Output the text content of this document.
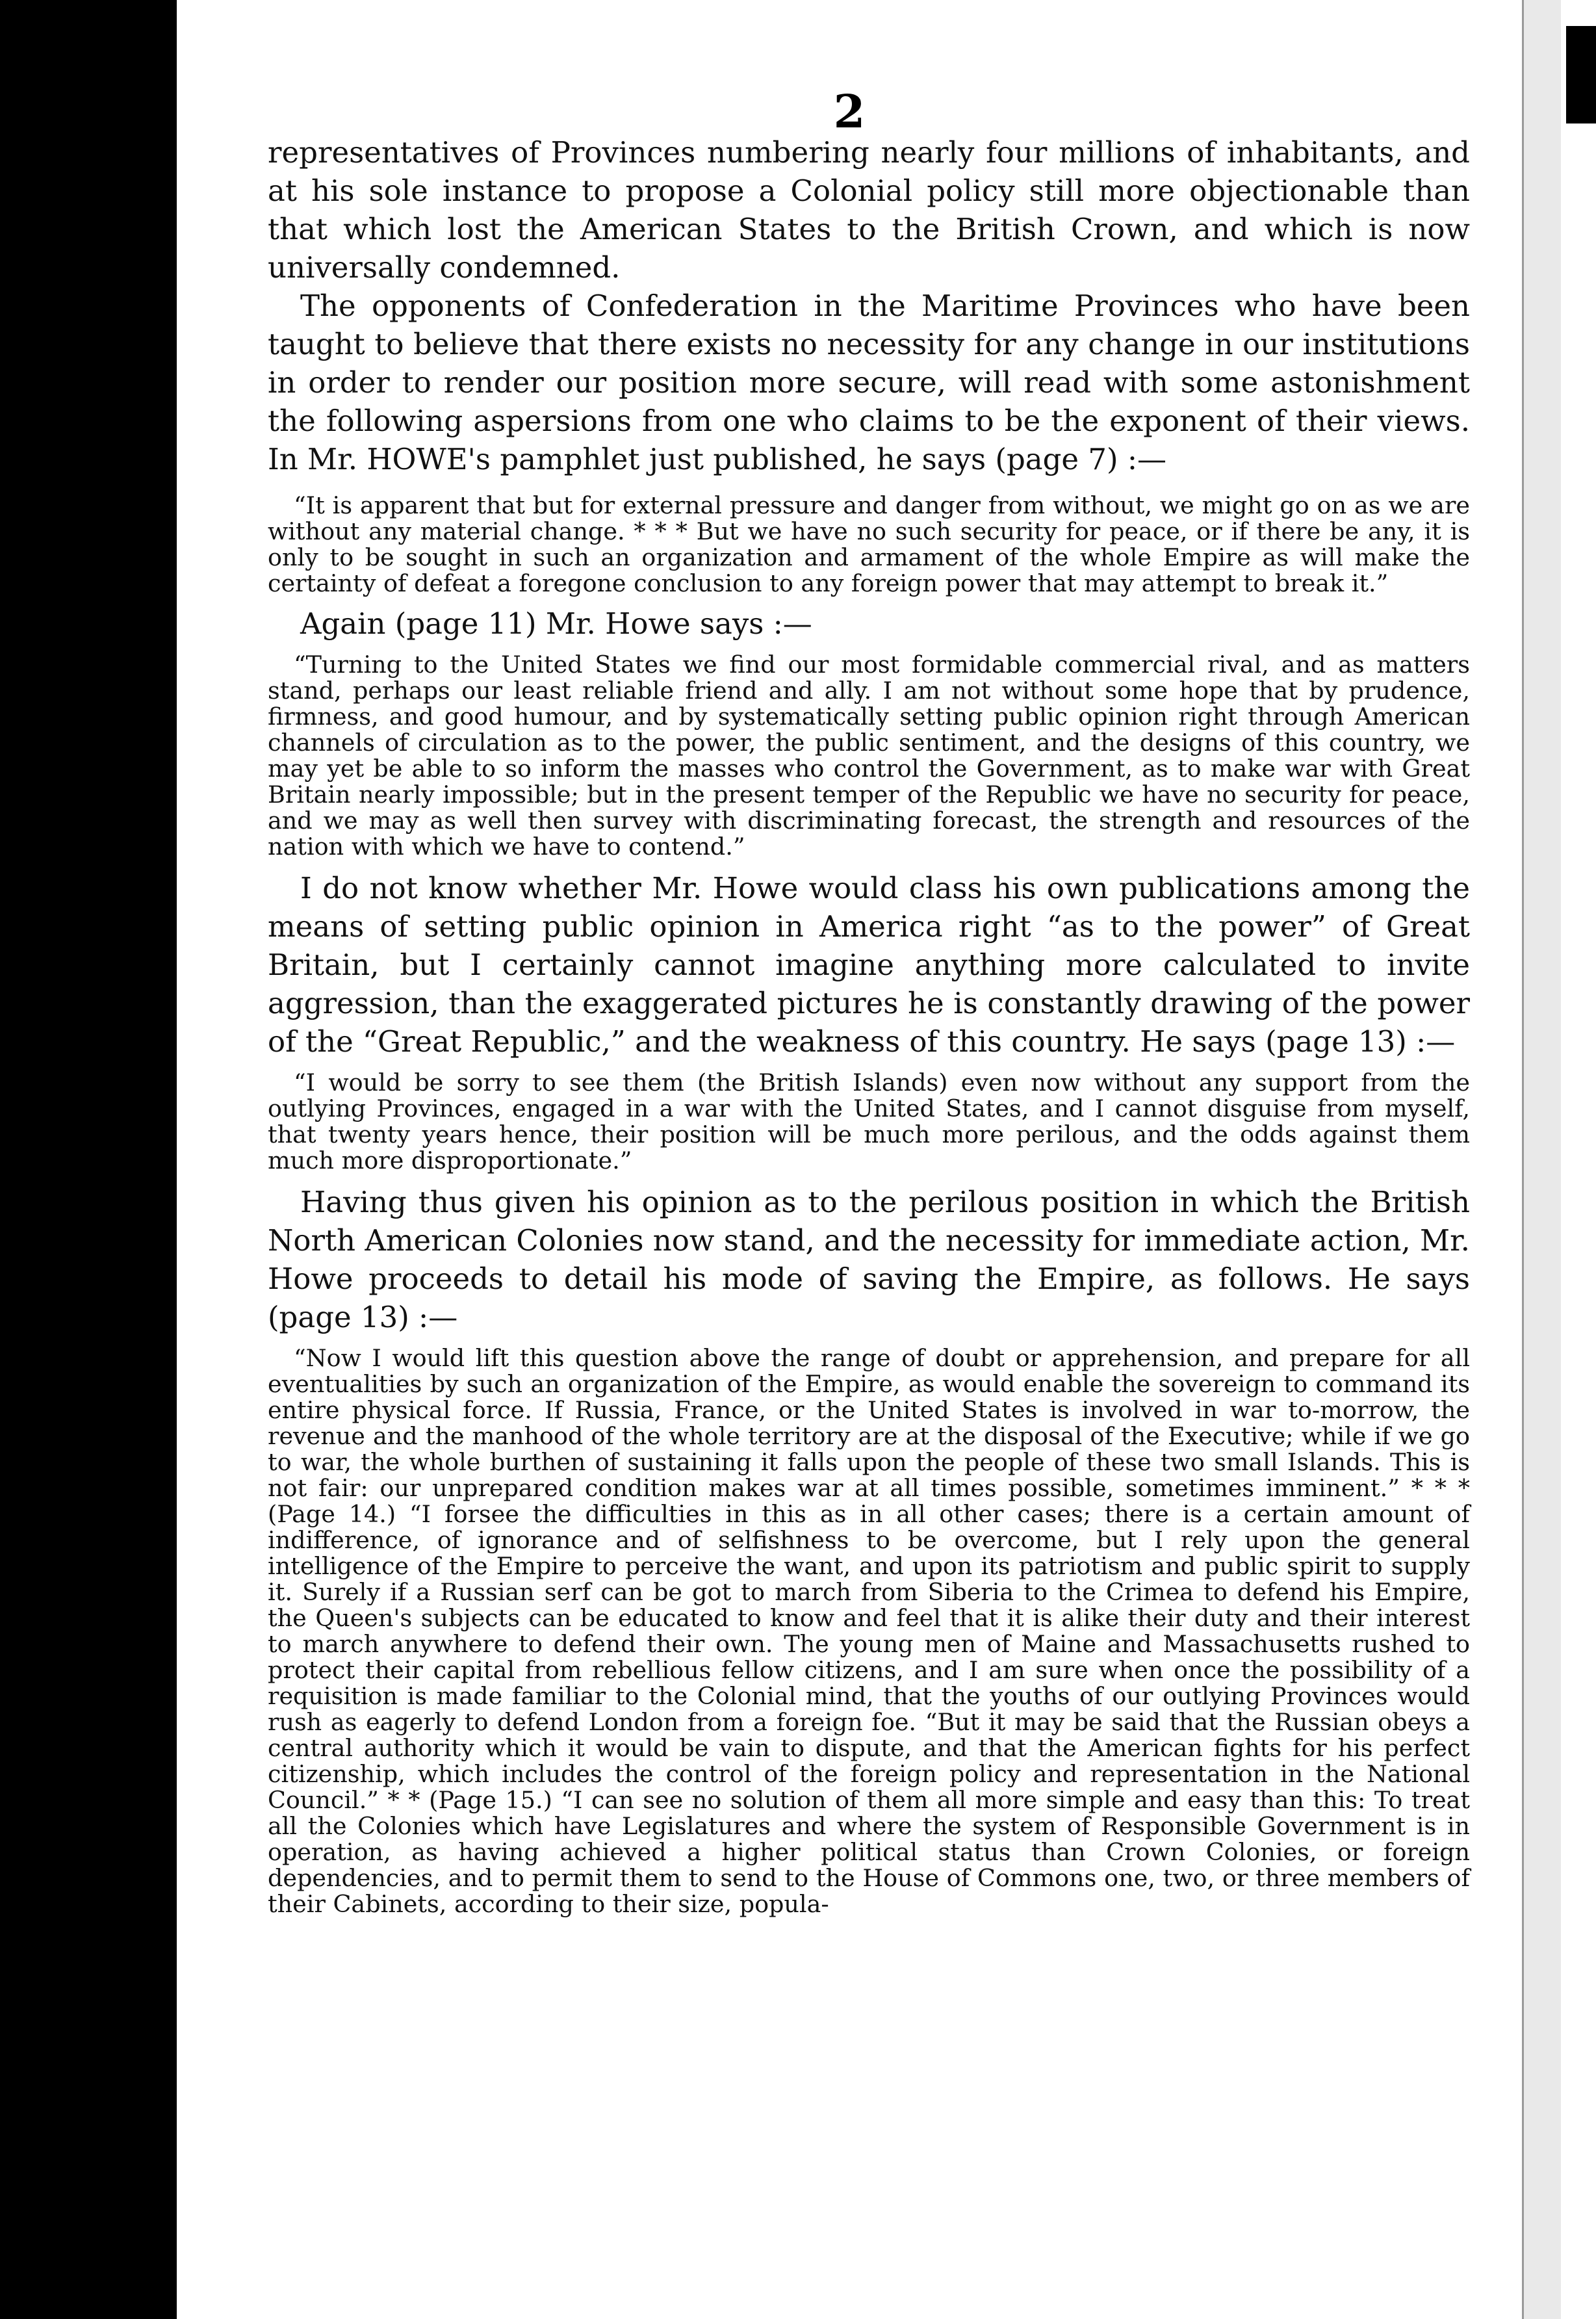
2

representatives of Provinces numbering nearly four millions of inhabitants, and at his sole instance to propose a Colonial policy still more objectionable than that which lost the American States to the British Crown, and which is now universally condemned.

The opponents of Confederation in the Maritime Provinces who have been taught to believe that there exists no necessity for any change in our institutions in order to render our position more secure, will read with some astonishment the following aspersions from one who claims to be the exponent of their views. In Mr. HOWE's pamphlet just published, he says (page 7) :—

“It is apparent that but for external pressure and danger from without, we might go on as we are without any material change. * * * But we have no such security for peace, or if there be any, it is only to be sought in such an organization and armament of the whole Empire as will make the certainty of defeat a foregone conclusion to any foreign power that may attempt to break it.”

Again (page 11) Mr. Howe says :—

“Turning to the United States we find our most formidable commercial rival, and as matters stand, perhaps our least reliable friend and ally. I am not without some hope that by prudence, firmness, and good humour, and by systematically setting public opinion right through American channels of circulation as to the power, the public sentiment, and the designs of this country, we may yet be able to so inform the masses who control the Government, as to make war with Great Britain nearly impossible; but in the present temper of the Republic we have no security for peace, and we may as well then survey with discriminating forecast, the strength and resources of the nation with which we have to contend.”

I do not know whether Mr. Howe would class his own publications among the means of setting public opinion in America right “as to the power” of Great Britain, but I certainly cannot imagine anything more calculated to invite aggression, than the exaggerated pictures he is constantly drawing of the power of the “Great Republic,” and the weakness of this country. He says (page 13) :—

“I would be sorry to see them (the British Islands) even now without any support from the outlying Provinces, engaged in a war with the United States, and I cannot disguise from myself, that twenty years hence, their position will be much more perilous, and the odds against them much more disproportionate.”

Having thus given his opinion as to the perilous position in which the British North American Colonies now stand, and the necessity for immediate action, Mr. Howe proceeds to detail his mode of saving the Empire, as follows. He says (page 13) :—

“Now I would lift this question above the range of doubt or apprehension, and prepare for all eventualities by such an organization of the Empire, as would enable the sovereign to command its entire physical force. If Russia, France, or the United States is involved in war to-morrow, the revenue and the manhood of the whole territory are at the disposal of the Executive; while if we go to war, the whole burthen of sustaining it falls upon the people of these two small Islands. This is not fair: our unprepared condition makes war at all times possible, sometimes imminent.” * * * (Page 14.) “I forsee the difficulties in this as in all other cases; there is a certain amount of indifference, of ignorance and of selfishness to be overcome, but I rely upon the general intelligence of the Empire to perceive the want, and upon its patriotism and public spirit to supply it. Surely if a Russian serf can be got to march from Siberia to the Crimea to defend his Empire, the Queen's subjects can be educated to know and feel that it is alike their duty and their interest to march anywhere to defend their own. The young men of Maine and Massachusetts rushed to protect their capital from rebellious fellow citizens, and I am sure when once the possibility of a requisition is made familiar to the Colonial mind, that the youths of our outlying Provinces would rush as eagerly to defend London from a foreign foe. “But it may be said that the Russian obeys a central authority which it would be vain to dispute, and that the American fights for his perfect citizenship, which includes the control of the foreign policy and representation in the National Council.” * * (Page 15.) “I can see no solution of them all more simple and easy than this: To treat all the Colonies which have Legislatures and where the system of Responsible Government is in operation, as having achieved a higher political status than Crown Colonies, or foreign dependencies, and to permit them to send to the House of Commons one, two, or three members of their Cabinets, according to their size, popula-
